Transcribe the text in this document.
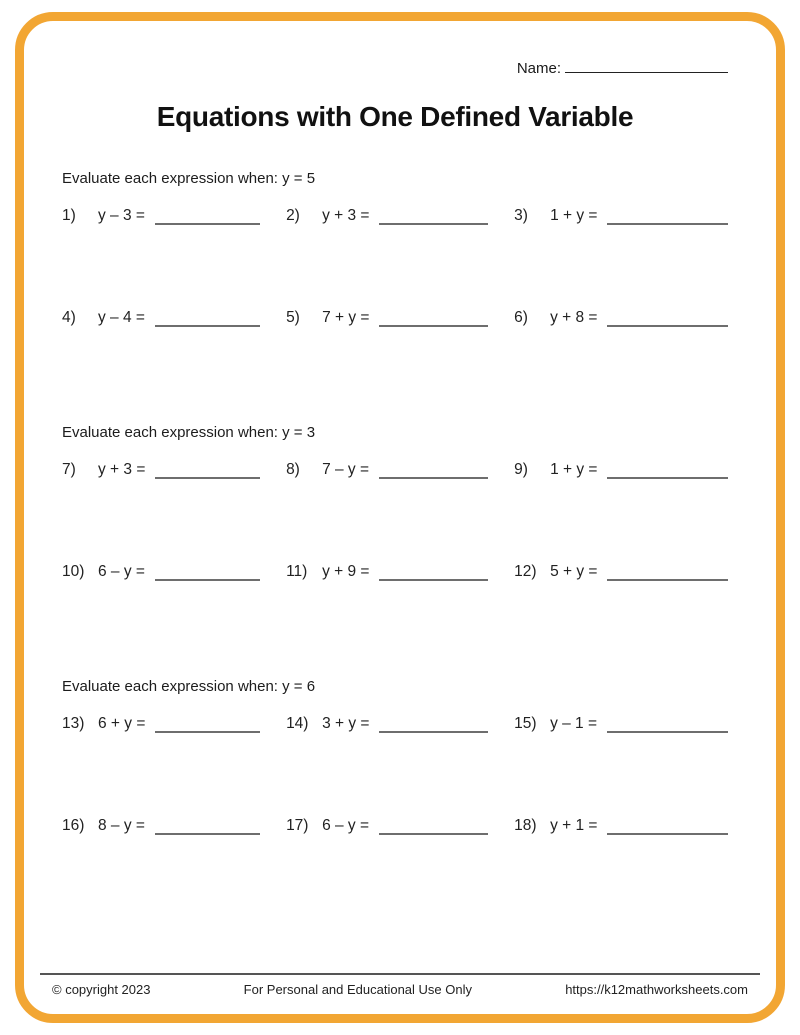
Name:
Equations with One Defined Variable
Evaluate each expression when: y = 5
1)	y – 3 =	2)	y + 3 =	3)	1 + y =
4)	y – 4 =	5)	7 + y =	6)	y + 8 =
Evaluate each expression when: y = 3
7)	y + 3 =	8)	7 – y =	9)	1 + y =
10) 6 – y =	11) y + 9 =	12) 5 + y =
Evaluate each expression when: y = 6
13) 6 + y =	14) 3 + y =	15) y – 1 =
16) 8 – y =	17) 6 – y =	18) y + 1 =
© copyright 2023	For Personal and Educational Use Only	https://k12mathworksheets.com
